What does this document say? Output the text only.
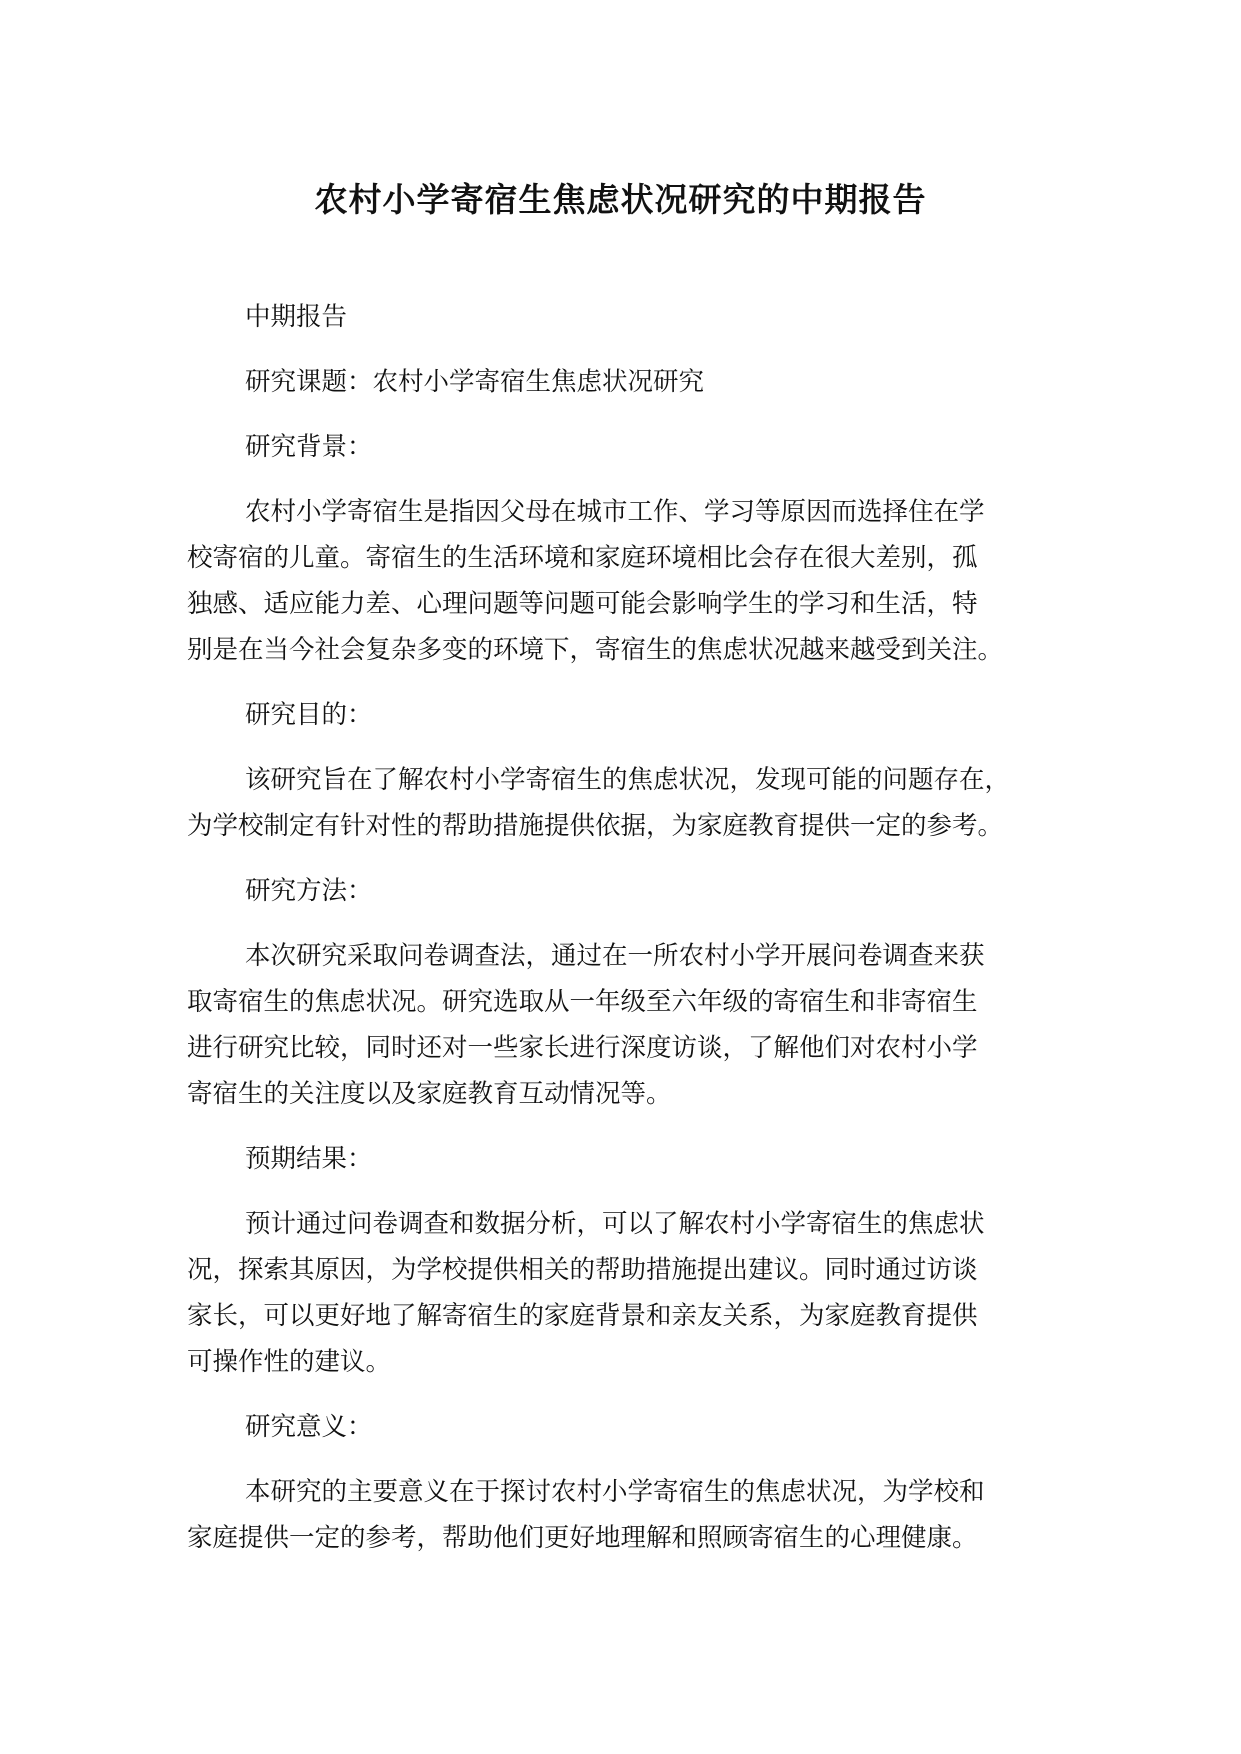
农村小学寄宿生焦虑状况研究的中期报告
中期报告
研究课题：农村小学寄宿生焦虑状况研究
研究背景：
农村小学寄宿生是指因父母在城市工作、学习等原因而选择住在学
校寄宿的儿童。寄宿生的生活环境和家庭环境相比会存在很大差别，孤
独感、适应能力差、心理问题等问题可能会影响学生的学习和生活，特
别是在当今社会复杂多变的环境下，寄宿生的焦虑状况越来越受到关注。
研究目的：
该研究旨在了解农村小学寄宿生的焦虑状况，发现可能的问题存在，
为学校制定有针对性的帮助措施提供依据，为家庭教育提供一定的参考。
研究方法：
本次研究采取问卷调查法，通过在一所农村小学开展问卷调查来获
取寄宿生的焦虑状况。研究选取从一年级至六年级的寄宿生和非寄宿生
进行研究比较，同时还对一些家长进行深度访谈，了解他们对农村小学
寄宿生的关注度以及家庭教育互动情况等。
预期结果：
预计通过问卷调查和数据分析，可以了解农村小学寄宿生的焦虑状
况，探索其原因，为学校提供相关的帮助措施提出建议。同时通过访谈
家长，可以更好地了解寄宿生的家庭背景和亲友关系，为家庭教育提供
可操作性的建议。
研究意义：
本研究的主要意义在于探讨农村小学寄宿生的焦虑状况，为学校和
家庭提供一定的参考，帮助他们更好地理解和照顾寄宿生的心理健康。
